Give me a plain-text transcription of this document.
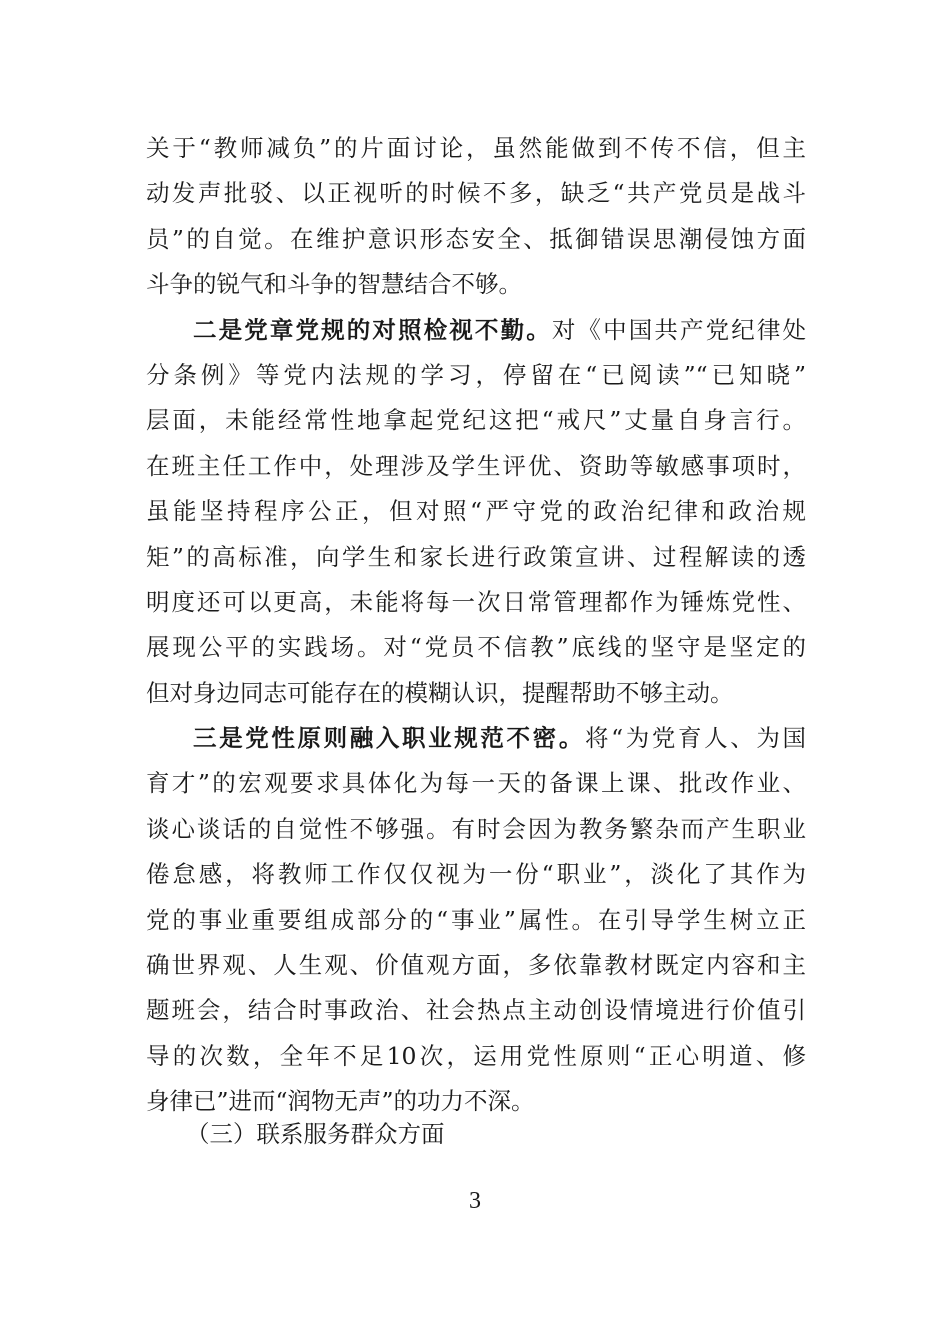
关于“教师减负”的片面讨论，虽然能做到不传不信，但主
动发声批驳、以正视听的时候不多，缺乏“共产党员是战斗
员”的自觉。在维护意识形态安全、抵御错误思潮侵蚀方面
斗争的锐气和斗争的智慧结合不够。
二是党章党规的对照检视不勤。对《中国共产党纪律处
分条例》等党内法规的学习，停留在“已阅读”“已知晓”
层面，未能经常性地拿起党纪这把“戒尺”丈量自身言行。
在班主任工作中，处理涉及学生评优、资助等敏感事项时，
虽能坚持程序公正，但对照“严守党的政治纪律和政治规
矩”的高标准，向学生和家长进行政策宣讲、过程解读的透
明度还可以更高，未能将每一次日常管理都作为锤炼党性、
展现公平的实践场。对“党员不信教”底线的坚守是坚定的
但对身边同志可能存在的模糊认识，提醒帮助不够主动。
三是党性原则融入职业规范不密。将“为党育人、为国
育才”的宏观要求具体化为每一天的备课上课、批改作业、
谈心谈话的自觉性不够强。有时会因为教务繁杂而产生职业
倦怠感，将教师工作仅仅视为一份“职业”，淡化了其作为
党的事业重要组成部分的“事业”属性。在引导学生树立正
确世界观、人生观、价值观方面，多依靠教材既定内容和主
题班会，结合时事政治、社会热点主动创设情境进行价值引
导的次数，全年不足10次，运用党性原则“正心明道、修
身律已”进而“润物无声”的功力不深。
（三）联系服务群众方面
3
